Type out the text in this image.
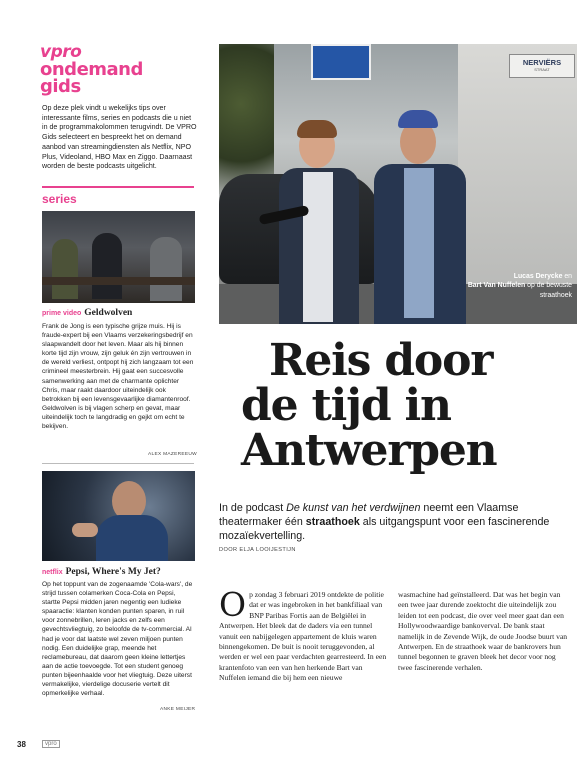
vpro
ondemand
gids

Op deze plek vindt u wekelijks tips over interessante films, series en podcasts die u niet in de programmakolommen terugvindt. De VPRO Gids selecteert en bespreekt het on demand aanbod van streamingdiensten als Netflix, NPO Plus, Videoland, HBO Max en Ziggo. Daarnaast worden de beste podcasts uitgelicht.

series
prime video Geldwolven

Frank de Jong is een typische grijze muis. Hij is fraude-expert bij een Vlaams verzekeringsbedrijf en slaapwandelt door het leven. Maar als hij binnen korte tijd zijn vrouw, zijn geluk én zijn vertrouwen in de wereld verliest, ontpopt hij zich langzaam tot een crimineel meesterbrein. Hij gaat een succesvolle samenwerking aan met de charmante oplichter Chris, maar raakt daardoor uiteindelijk ook betrokken bij een levensgevaarlijke diamantenroof. Geldwolven is bij vlagen scherp en gevat, maar uiteindelijk toch te langdradig en gejkt om echt te bekijven.

ALEX MAZEREEUW
netflix Pepsi, Where's My Jet?

Op het toppunt van de zogenaamde 'Cola-wars', de strijd tussen colamerken Coca-Cola en Pepsi, startte Pepsi midden jaren negentig een ludieke spaaractie: klanten konden punten sparen, in ruil voor zonnebrillen, leren jacks en zelfs een gevechtsvliegtuig, zo beloofde de tv-commercial. Al had je voor dat laatste wel zeven miljoen punten nodig. Een duidelijke grap, meende het reclamebureau, dat daarom geen kleine lettertjes aan de actie toevoegde. Tot een student genoeg punten bijeenhaalde voor het vliegtuig. Deze uiterst vermakelijke, vierdelige docuserie vertelt dit opmerkelijke verhaal.

ANKE MEIJER
NERVIËRS
STRAAT

Lucas Derycke en
Bart Van Nuffelen op de bewuste straathoek

Reis door
de tijd in
Antwerpen

In de podcast De kunst van het verdwijnen neemt een Vlaamse theatermaker één straathoek als uitgangspunt voor een fascinerende mozaïekvertelling.

DOOR ELJA LOOIJESTIJN
Op zondag 3 februari 2019 ontdekte de politie dat er was ingebroken in het bankfiliaal van BNP Paribas Fortis aan de Belgiëlei in Antwerpen. Het bleek dat de daders via een tunnel vanuit een nabijgelegen appartement de kluis waren binnengekomen. De buit is nooit teruggevonden, al werden er wel een paar verdachten gearresteerd. In een krantenfoto van een van hen herkende Bart van Nuffelen iemand die bij hem een nieuwe
wasmachine had geïnstalleerd. Dat was het begin van een twee jaar durende zoektocht die uiteindelijk zou leiden tot een podcast, die over veel meer gaat dan een Hollywoodwaardige bankoverval. De bank staat namelijk in de Zevende Wijk, de oude Joodse buurt van Antwerpen. En de straathoek waar de bankrovers hun tunnel begonnen te graven bleek het decor voor nog twee fascinerende verhalen.
38	vpro
